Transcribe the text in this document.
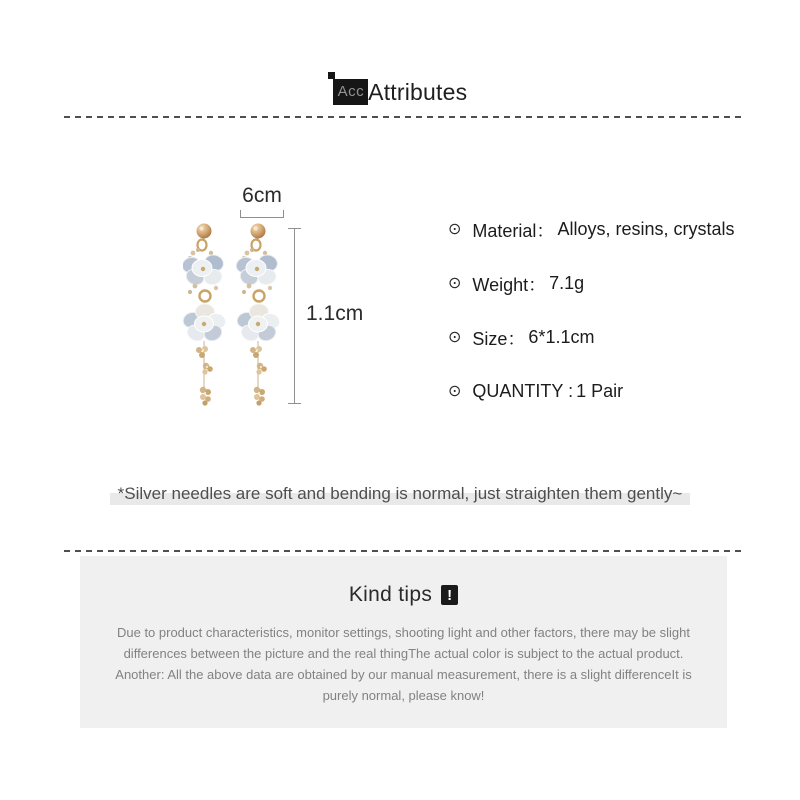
Acc Attributes
6cm
1.1cm
⊙ Material： Alloys, resins, crystals
⊙ Weight： 7.1g
⊙ Size： 6*1.1cm
⊙ QUANTITY : 1 Pair
*Silver needles are soft and bending is normal, just straighten them gently~
Kind tips	!
Due to product characteristics, monitor settings, shooting light and other factors, there may be slight
differences between the picture and the real thingThe actual color is subject to the actual product.
Another: All the above data are obtained by our manual measurement, there is a slight differenceIt is
purely normal, please know!
